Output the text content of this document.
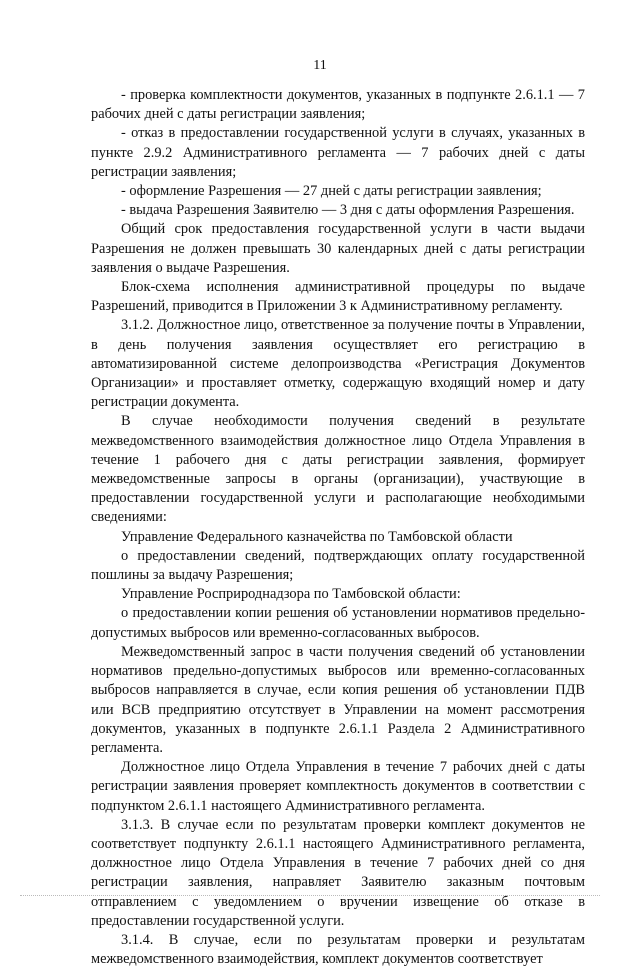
11

- проверка комплектности документов, указанных в подпункте 2.6.1.1 — 7 рабочих дней с даты регистрации заявления;

- отказ в предоставлении государственной услуги в случаях, указанных в пункте 2.9.2 Административного регламента — 7 рабочих дней с даты регистрации заявления;

- оформление Разрешения — 27 дней с даты регистрации заявления;

- выдача Разрешения Заявителю — 3 дня с даты оформления Разрешения.

Общий срок предоставления государственной услуги в части выдачи Разрешения не должен превышать 30 календарных дней с даты регистрации заявления о выдаче Разрешения.

Блок-схема исполнения административной процедуры по выдаче Разрешений, приводится в Приложении 3 к Административному регламенту.

3.1.2. Должностное лицо, ответственное за получение почты в Управлении, в день получения заявления осуществляет его регистрацию в автоматизированной системе делопроизводства «Регистрация Документов Организации» и проставляет отметку, содержащую входящий номер и дату регистрации документа.

В случае необходимости получения сведений в результате межведомственного взаимодействия должностное лицо Отдела Управления в течение 1 рабочего дня с даты регистрации заявления, формирует межведомственные запросы в органы (организации), участвующие в предоставлении государственной услуги и располагающие необходимыми сведениями:

Управление Федерального казначейства по Тамбовской области

о предоставлении сведений, подтверждающих оплату государственной пошлины за выдачу Разрешения;

Управление Росприроднадзора по Тамбовской области:

о предоставлении копии решения об установлении нормативов предельно-допустимых выбросов или временно-согласованных выбросов.

Межведомственный запрос в части получения сведений об установлении нормативов предельно-допустимых выбросов или временно-согласованных выбросов направляется в случае, если копия решения об установлении ПДВ или ВСВ предприятию отсутствует в Управлении на момент рассмотрения документов, указанных в подпункте 2.6.1.1 Раздела 2 Административного регламента.

Должностное лицо Отдела Управления в течение 7 рабочих дней с даты регистрации заявления проверяет комплектность документов в соответствии с подпунктом 2.6.1.1 настоящего Административного регламента.

3.1.3. В случае если по результатам проверки комплект документов не соответствует подпункту 2.6.1.1 настоящего Административного регламента, должностное лицо Отдела Управления в течение 7 рабочих дней со дня регистрации заявления, направляет Заявителю заказным почтовым отправлением с уведомлением о вручении извещение об отказе в предоставлении государственной услуги.

3.1.4. В случае, если по результатам проверки и результатам межведомственного взаимодействия, комплект документов соответствует
